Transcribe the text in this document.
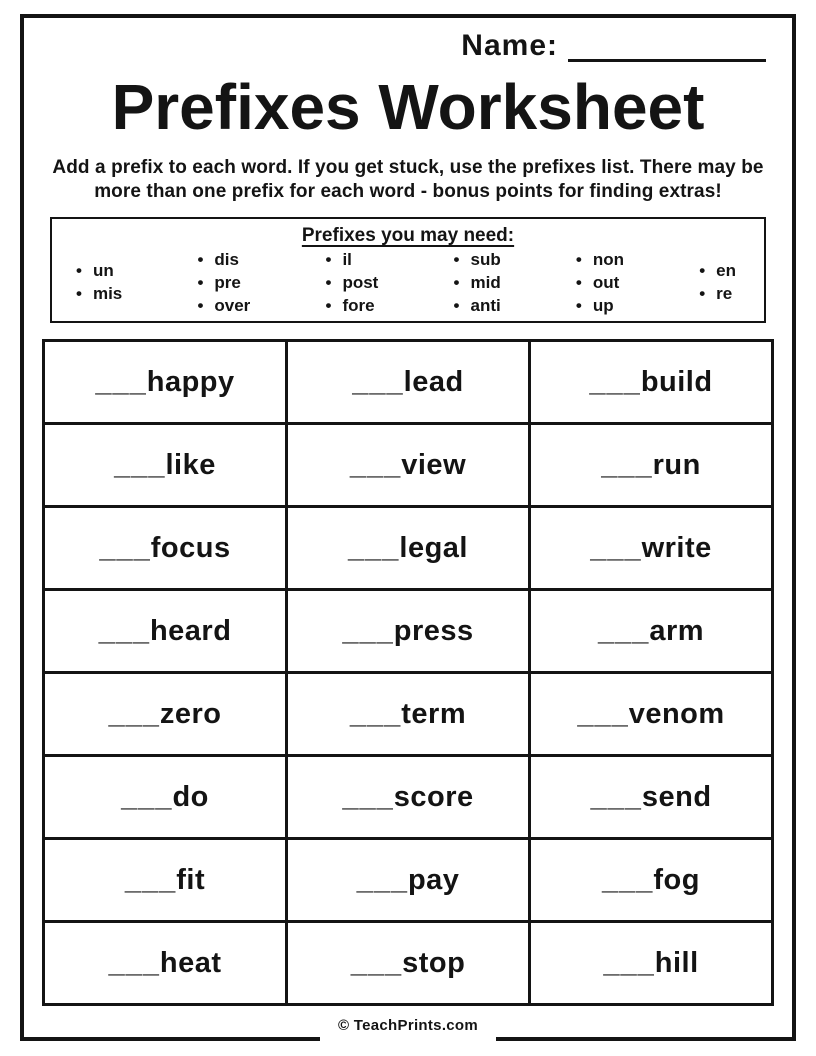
Name:
Prefixes Worksheet
Add a prefix to each word. If you get stuck, use the prefixes list. There may be more than one prefix for each word - bonus points for finding extras!
Prefixes you may need:
• un
• mis
• dis
• pre
• over
• il
• post
• fore
• sub
• mid
• anti
• non
• out
• up
• en
• re
___happy	___lead	___build
___like	___view	___run
___focus	___legal	___write
___heard	___press	___arm
___zero	___term	___venom
___do	___score	___send
___fit	___pay	___fog
___heat	___stop	___hill
© TeachPrints.com
